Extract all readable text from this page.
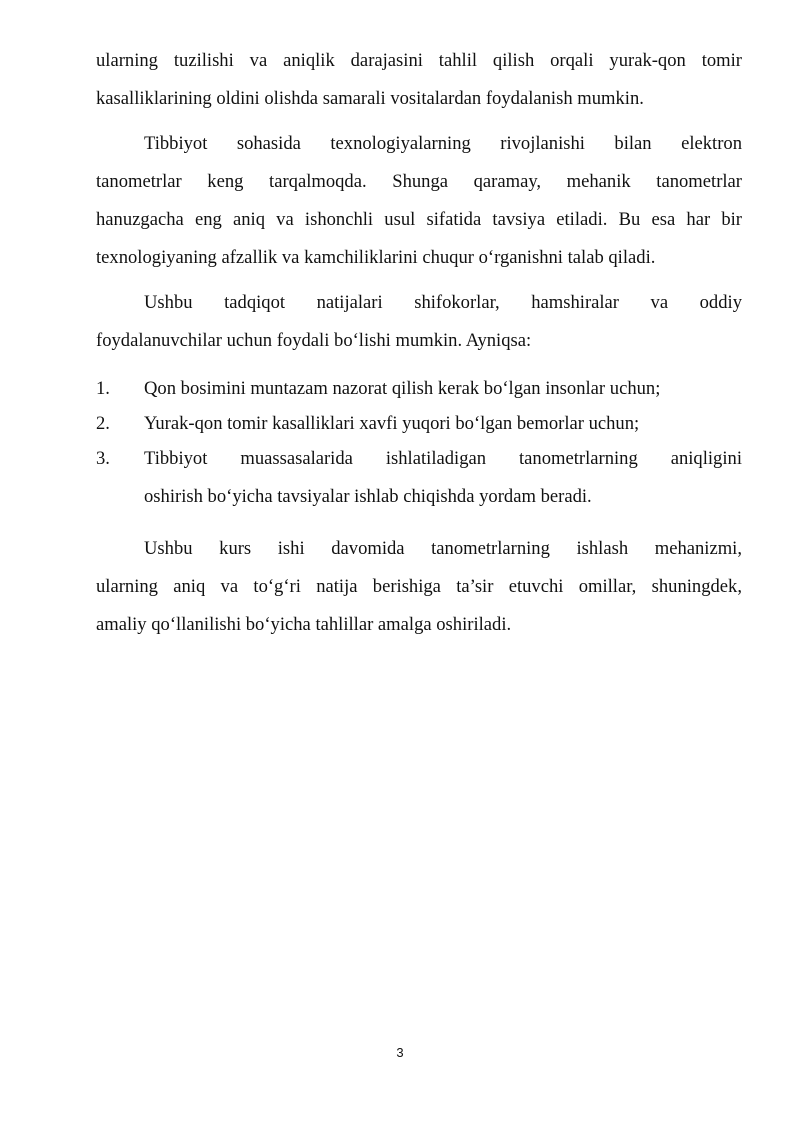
ularning tuzilishi va aniqlik darajasini tahlil qilish orqali yurak-qon tomir
kasalliklarining oldini olishda samarali vositalardan foydalanish mumkin.
Tibbiyot sohasida texnologiyalarning rivojlanishi bilan elektron
tanometrlar keng tarqalmoqda. Shunga qaramay, mehanik tanometrlar
hanuzgacha eng aniq va ishonchli usul sifatida tavsiya etiladi. Bu esa har bir
texnologiyaning afzallik va kamchiliklarini chuqur o‘rganishni talab qiladi.
Ushbu tadqiqot natijalari shifokorlar, hamshiralar va oddiy
foydalanuvchilar uchun foydali bo‘lishi mumkin. Ayniqsa:
1.	Qon bosimini muntazam nazorat qilish kerak bo‘lgan insonlar uchun;
2.	Yurak-qon tomir kasalliklari xavfi yuqori bo‘lgan bemorlar uchun;
3.	Tibbiyot muassasalarida ishlatiladigan tanometrlarning aniqligini
oshirish bo‘yicha tavsiyalar ishlab chiqishda yordam beradi.
Ushbu kurs ishi davomida tanometrlarning ishlash mehanizmi,
ularning aniq va to‘g‘ri natija berishiga ta’sir etuvchi omillar, shuningdek,
amaliy qo‘llanilishi bo‘yicha tahlillar amalga oshiriladi.
3
